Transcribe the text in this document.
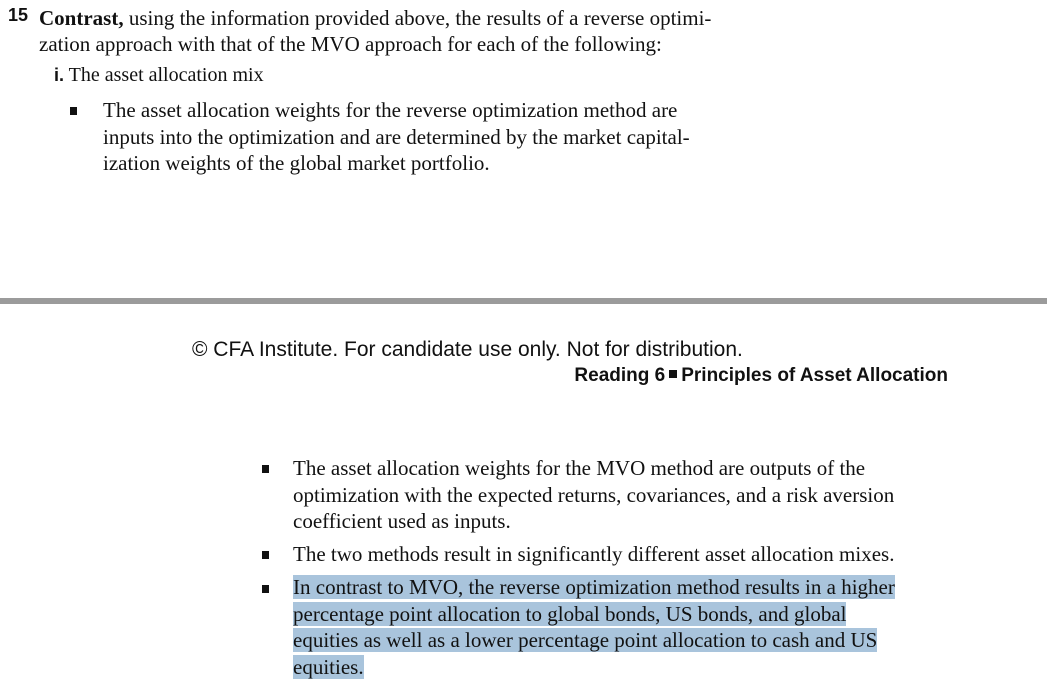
15 Contrast, using the information provided above, the results of a reverse optimi-
zation approach with that of the MVO approach for each of the following:
i. The asset allocation mix
The asset allocation weights for the reverse optimization method are
inputs into the optimization and are determined by the market capital-
ization weights of the global market portfolio.
© CFA Institute. For candidate use only. Not for distribution.
Reading 6 Principles of Asset Allocation
The asset allocation weights for the MVO method are outputs of the
optimization with the expected returns, covariances, and a risk aversion
coefficient used as inputs.
The two methods result in significantly different asset allocation mixes.
In contrast to MVO, the reverse optimization method results in a higher
percentage point allocation to global bonds, US bonds, and global
equities as well as a lower percentage point allocation to cash and US
equities.
